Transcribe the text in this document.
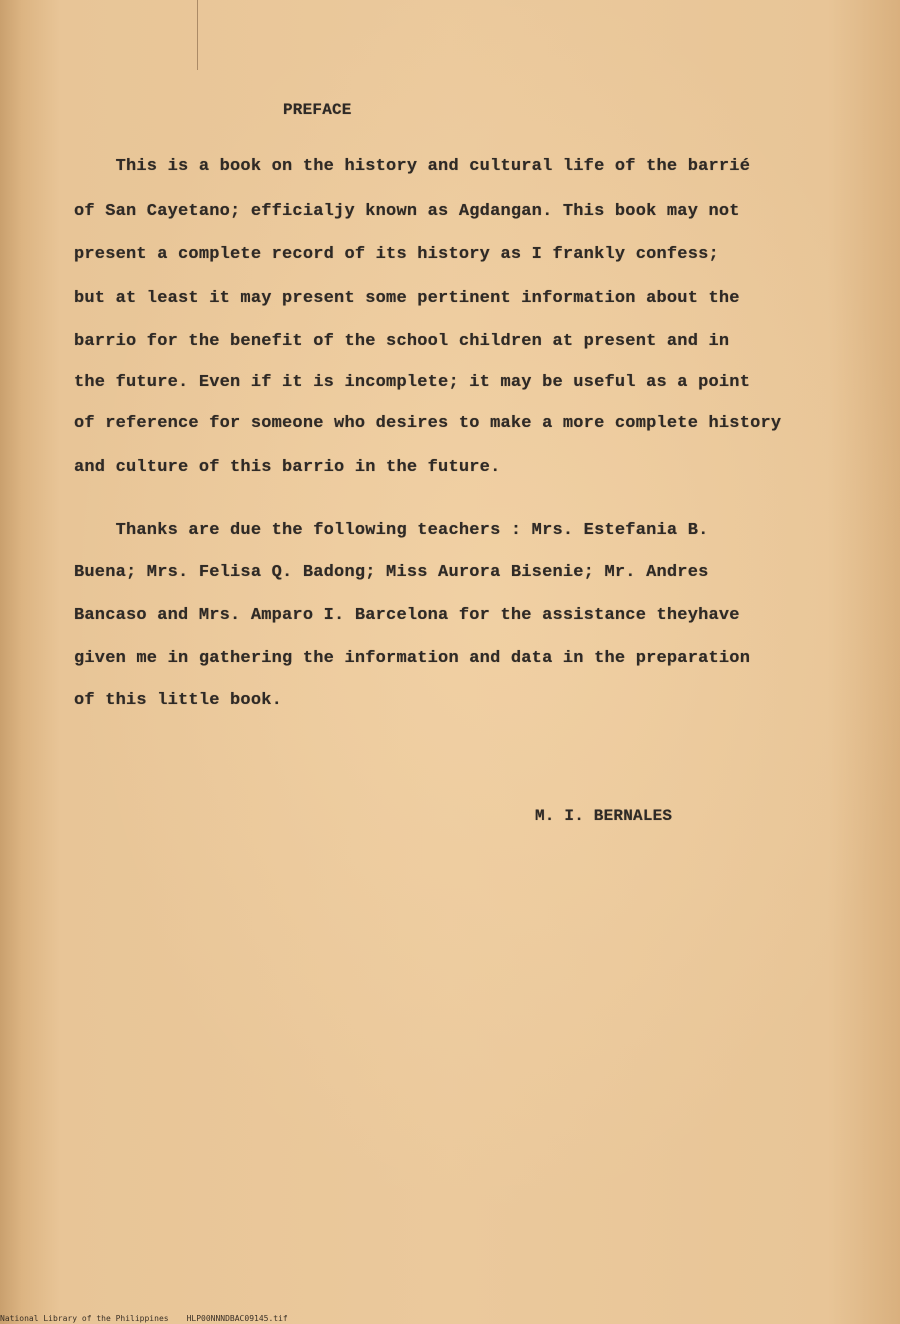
PREFACE
This is a book on the history and cultural life of the barrié
of San Cayetano; efficialjy known as Agdangan. This book may not
present a complete record of its history as I frankly confess;
but at least it may present some pertinent information about the
barrio for the benefit of the school children at present and in
the future. Even if it is incomplete; it may be useful as a point
of reference for someone who desires to make a more complete history
and culture of this barrio in the future.
Thanks are due the following teachers : Mrs. Estefania B.
Buena; Mrs. Felisa Q. Badong; Miss Aurora Bisenie; Mr. Andres
Bancaso and Mrs. Amparo I. Barcelona for the assistance theyhave
given me in gathering the information and data in the preparation
of this little book.
M. I. BERNALES
National Library of the Philippines HLP00NNNDBAC09145.tif
